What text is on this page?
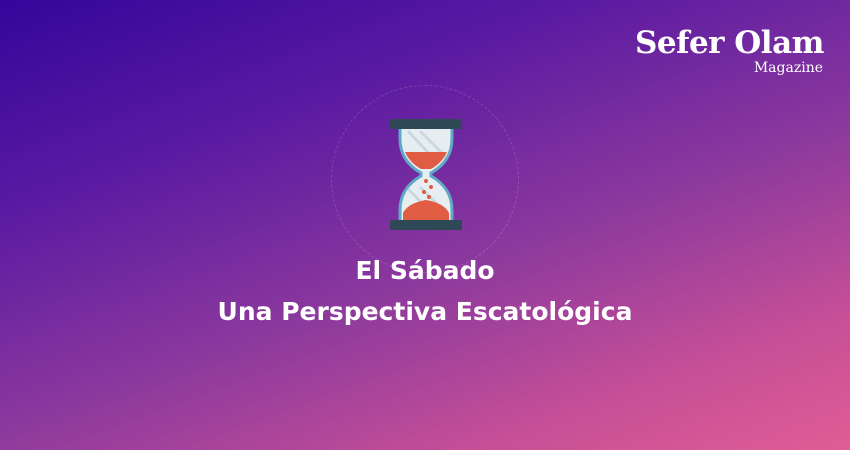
Sefer Olam
Magazine
El Sábado
Una Perspectiva Escatológica
